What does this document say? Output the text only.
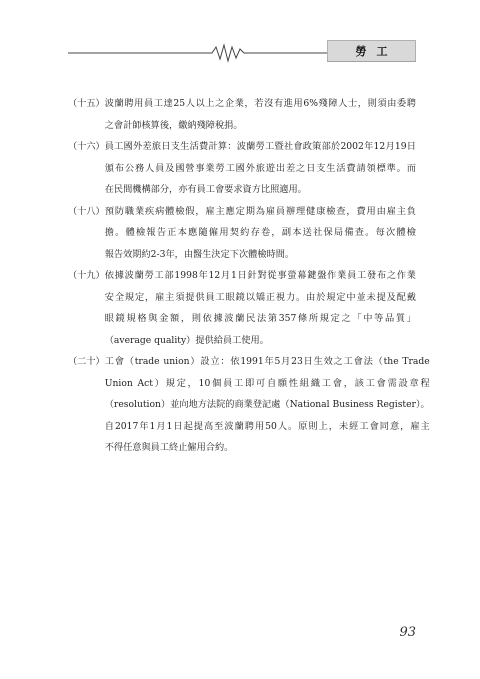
勞工
（十五） 波蘭聘用員工達25人以上之企業，若沒有進用6%殘障人士，則須由委聘
之會計師核算後，繳納殘障稅捐。
（十六） 員工國外差旅日支生活費計算：波蘭勞工暨社會政策部於2002年12月19日
頒布公務人員及國營事業勞工國外旅遊出差之日支生活費請領標準。而
在民間機構部分，亦有員工會要求資方比照適用。
（十八） 預防職業疾病體檢假，雇主應定期為雇員辦理健康檢查，費用由雇主負
擔。體檢報告正本應隨僱用契約存卷，副本送社保局備查。每次體檢
報告效期約2-3年，由醫生決定下次體檢時間。
（十九） 依據波蘭勞工部1998年12月1日針對從事螢幕鍵盤作業員工發布之作業
安全規定，雇主須提供員工眼鏡以矯正視力。由於規定中並未提及配戴
眼鏡規格與金額，則依據波蘭民法第357條所規定之「中等品質」
（average quality）提供給員工使用。
（二十） 工會（trade union）設立：依1991年5月23日生效之工會法（the Trade
Union Act）規定，10個員工即可自願性組織工會，該工會需設章程
（resolution）並向地方法院的商業登記處（National Business Register）。
自2017年1月1日起提高至波蘭聘用50人。原則上，未經工會同意，雇主
不得任意與員工終止僱用合約。
93
